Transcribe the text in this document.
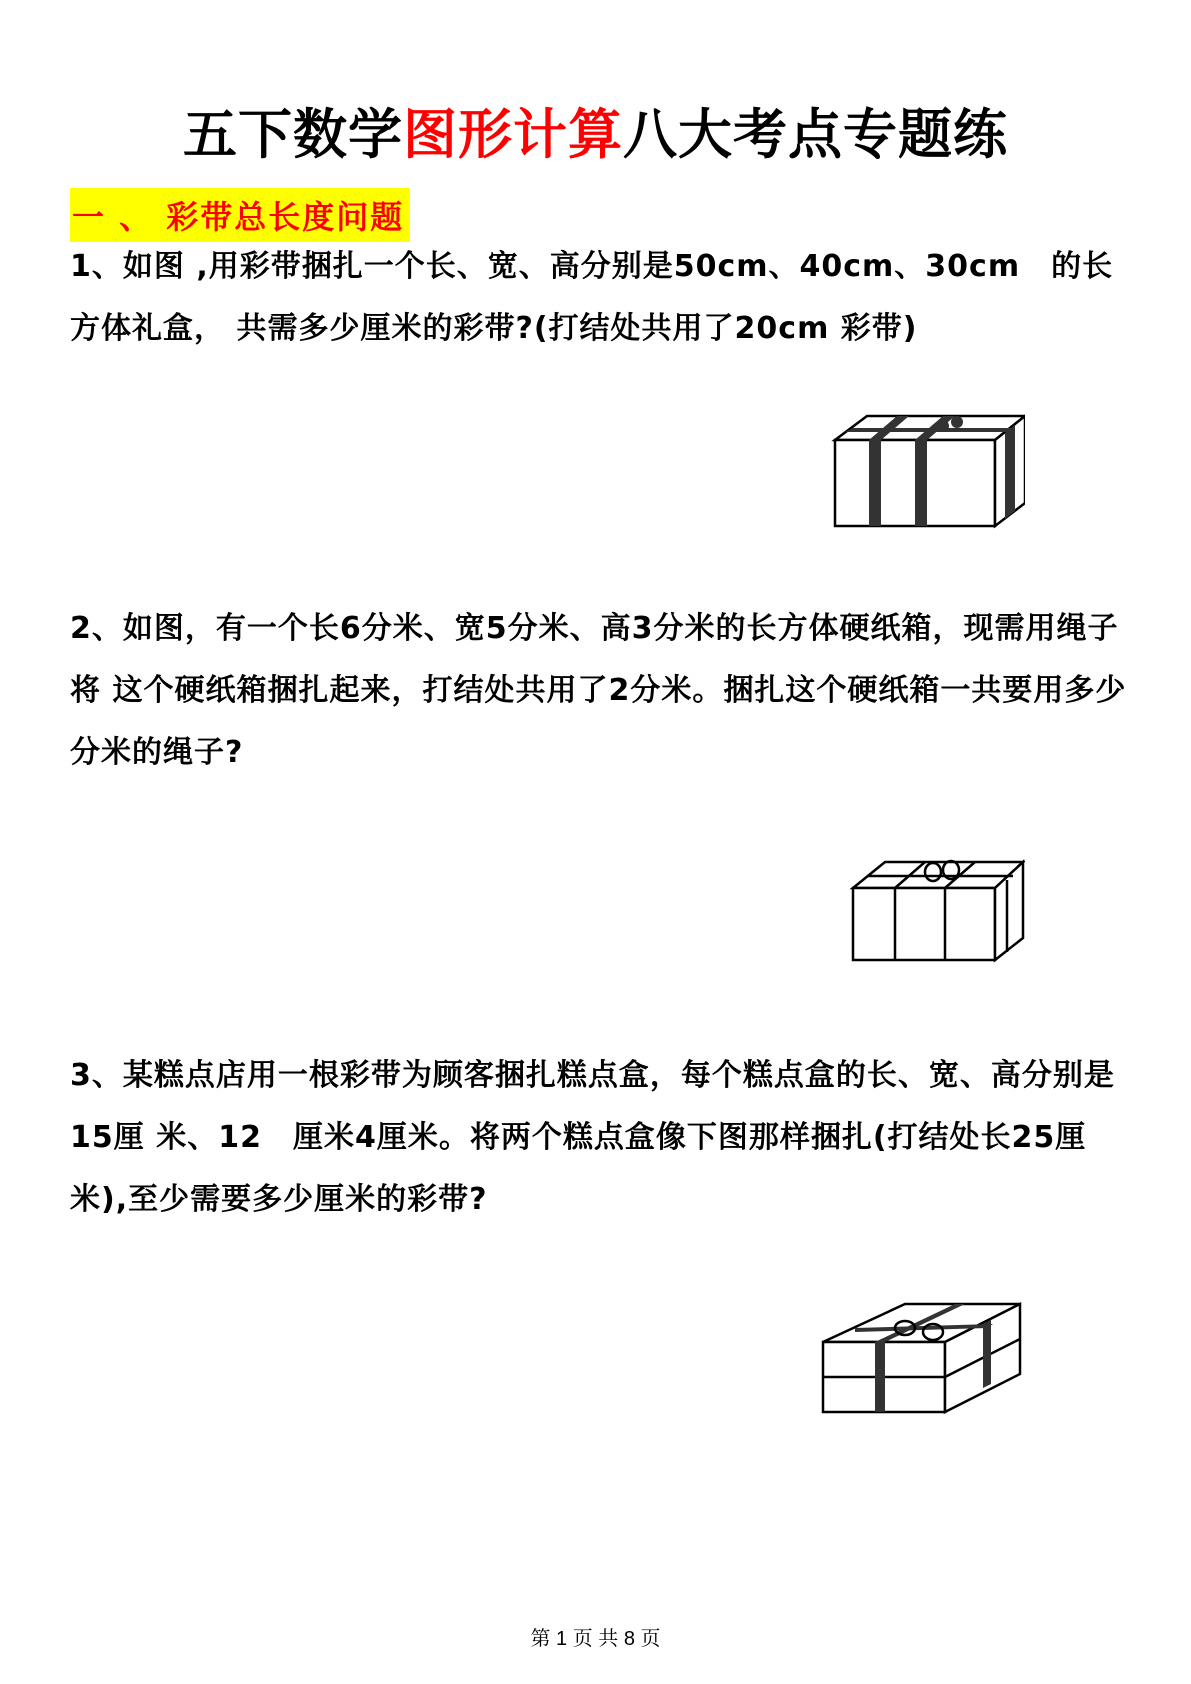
五下数学图形计算八大考点专题练
一 、 彩带总长度问题
1、如图 ,用彩带捆扎一个长、宽、高分别是50cm、40cm、30cm　的长方体礼盒， 共需多少厘米的彩带?(打结处共用了20cm 彩带)
2、如图，有一个长6分米、宽5分米、高3分米的长方体硬纸箱，现需用绳子将 这个硬纸箱捆扎起来，打结处共用了2分米。捆扎这个硬纸箱一共要用多少分米的绳子?
3、某糕点店用一根彩带为顾客捆扎糕点盒，每个糕点盒的长、宽、高分别是15厘 米、12　厘米4厘米。将两个糕点盒像下图那样捆扎(打结处长25厘米),至少需要多少厘米的彩带?
第 1 页 共 8 页
